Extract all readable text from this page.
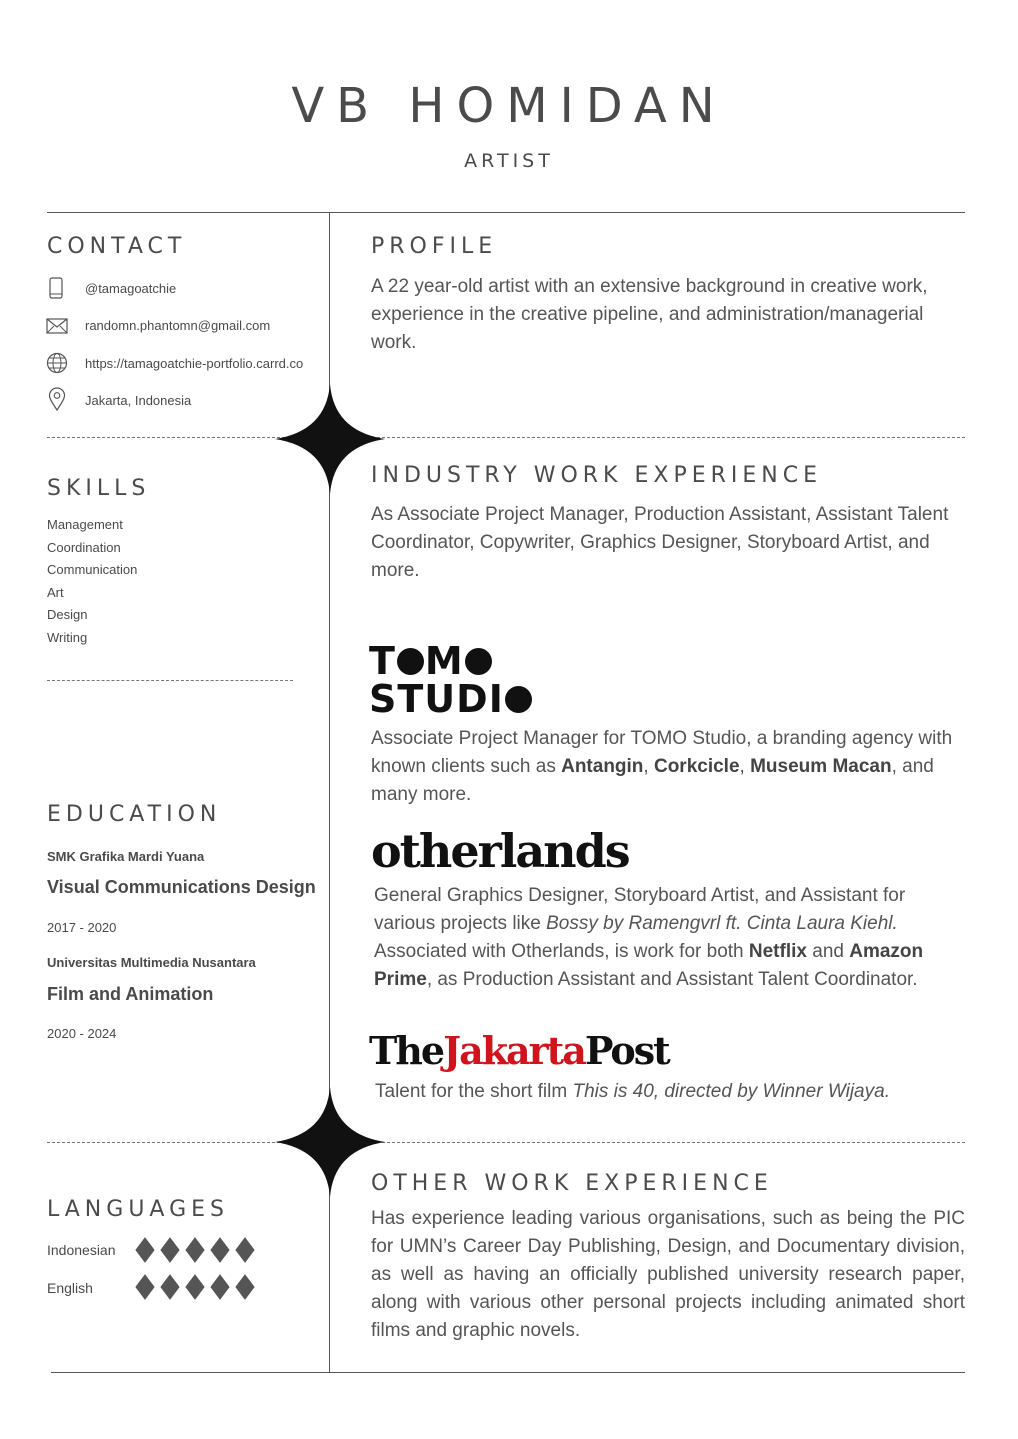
VB HOMIDAN
ARTIST
CONTACT
@tamagoatchie
randomn.phantomn@gmail.com
https://tamagoatchie-portfolio.carrd.co
Jakarta, Indonesia
SKILLS
Management
Coordination
Communication
Art
Design
Writing
EDUCATION
SMK Grafika Mardi Yuana
Visual Communications Design
2017 - 2020
Universitas Multimedia Nusantara
Film and Animation
2020 - 2024
LANGUAGES
Indonesian
English
PROFILE
A 22 year-old artist with an extensive background in creative work, experience in the creative pipeline, and administration/managerial work.
INDUSTRY WORK EXPERIENCE
As Associate Project Manager, Production Assistant, Assistant Talent Coordinator, Copywriter, Graphics Designer, Storyboard Artist, and more.
T M
STUDI
Associate Project Manager for TOMO Studio, a branding agency with known clients such as Antangin, Corkcicle, Museum Macan, and many more.
otherlands
General Graphics Designer, Storyboard Artist, and Assistant for various projects like Bossy by Ramengvrl ft. Cinta Laura Kiehl. Associated with Otherlands, is work for both Netflix and Amazon Prime, as Production Assistant and Assistant Talent Coordinator.
TheJakartaPost
Talent for the short film This is 40, directed by Winner Wijaya.
OTHER WORK EXPERIENCE
Has experience leading various organisations, such as being the PIC for UMN’s Career Day Publishing, Design, and Documentary division, as well as having an officially published university research paper, along with various other personal projects including animated short films and graphic novels.
